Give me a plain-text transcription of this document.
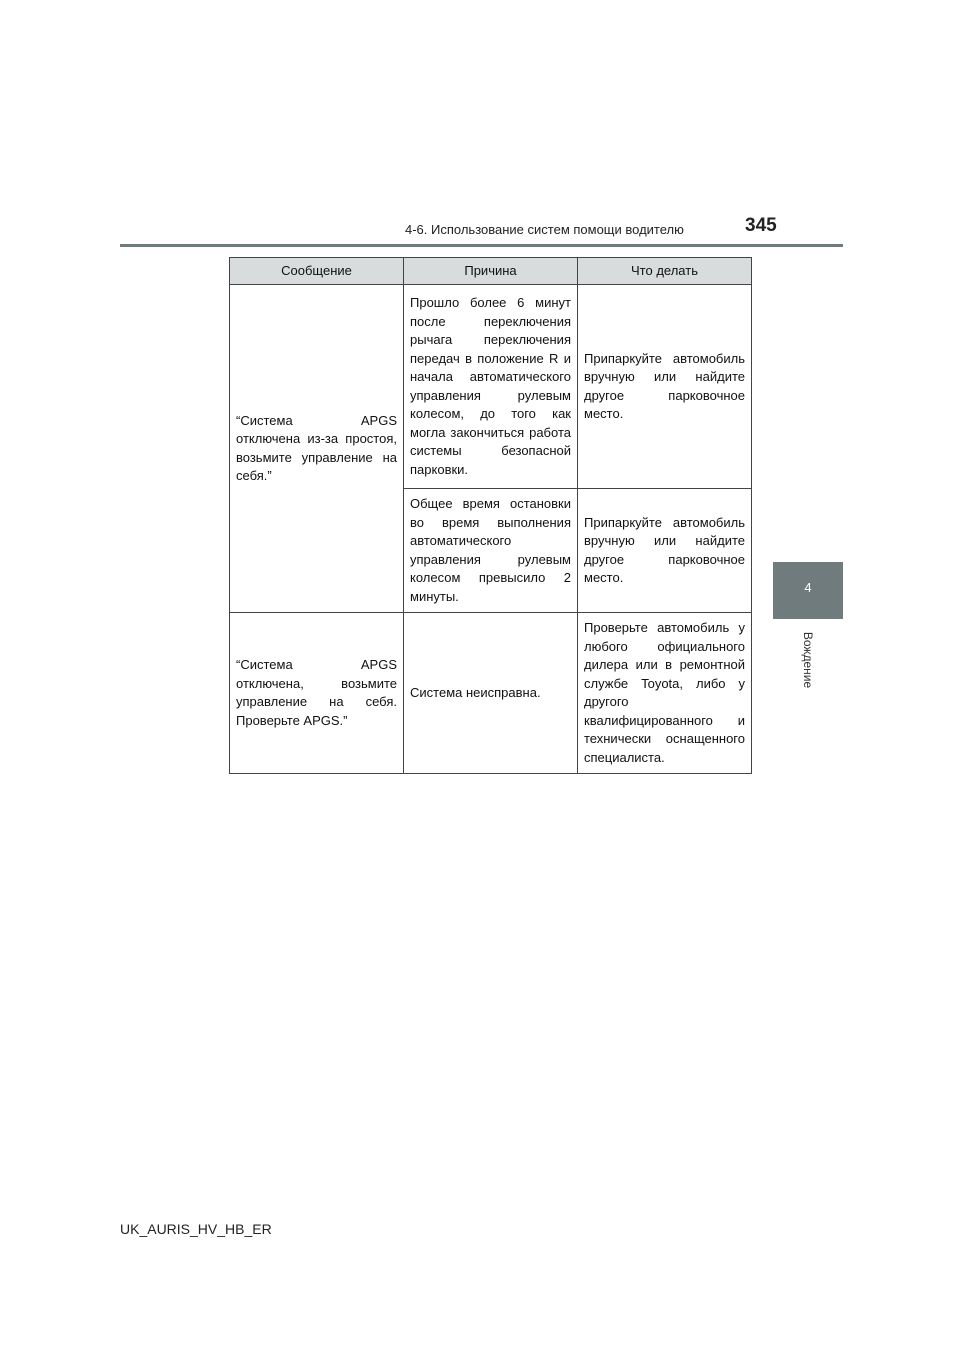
4-6. Использование систем помощи водителю	345
4
Вождение
Сообщение	Причина	Что делать
“Система APGS отключена из-за простоя, возьмите управление на себя.”	Прошло более 6 минут после переключения рычага переключения передач в положение R и начала автоматического управления рулевым колесом, до того как могла закончиться работа системы безопасной парковки.	Припаркуйте автомобиль вручную или найдите другое парковочное место.
	Общее время остановки во время выполнения автоматического управления рулевым колесом превысило 2 минуты.	Припаркуйте автомобиль вручную или найдите другое парковочное место.
“Система APGS отключена, возьмите управление на себя. Проверьте APGS.”	Система неисправна.	Проверьте автомобиль у любого официального дилера или в ремонтной службе Toyota, либо у другого квалифицированного и технически оснащенного специалиста.
UK_AURIS_HV_HB_ER
